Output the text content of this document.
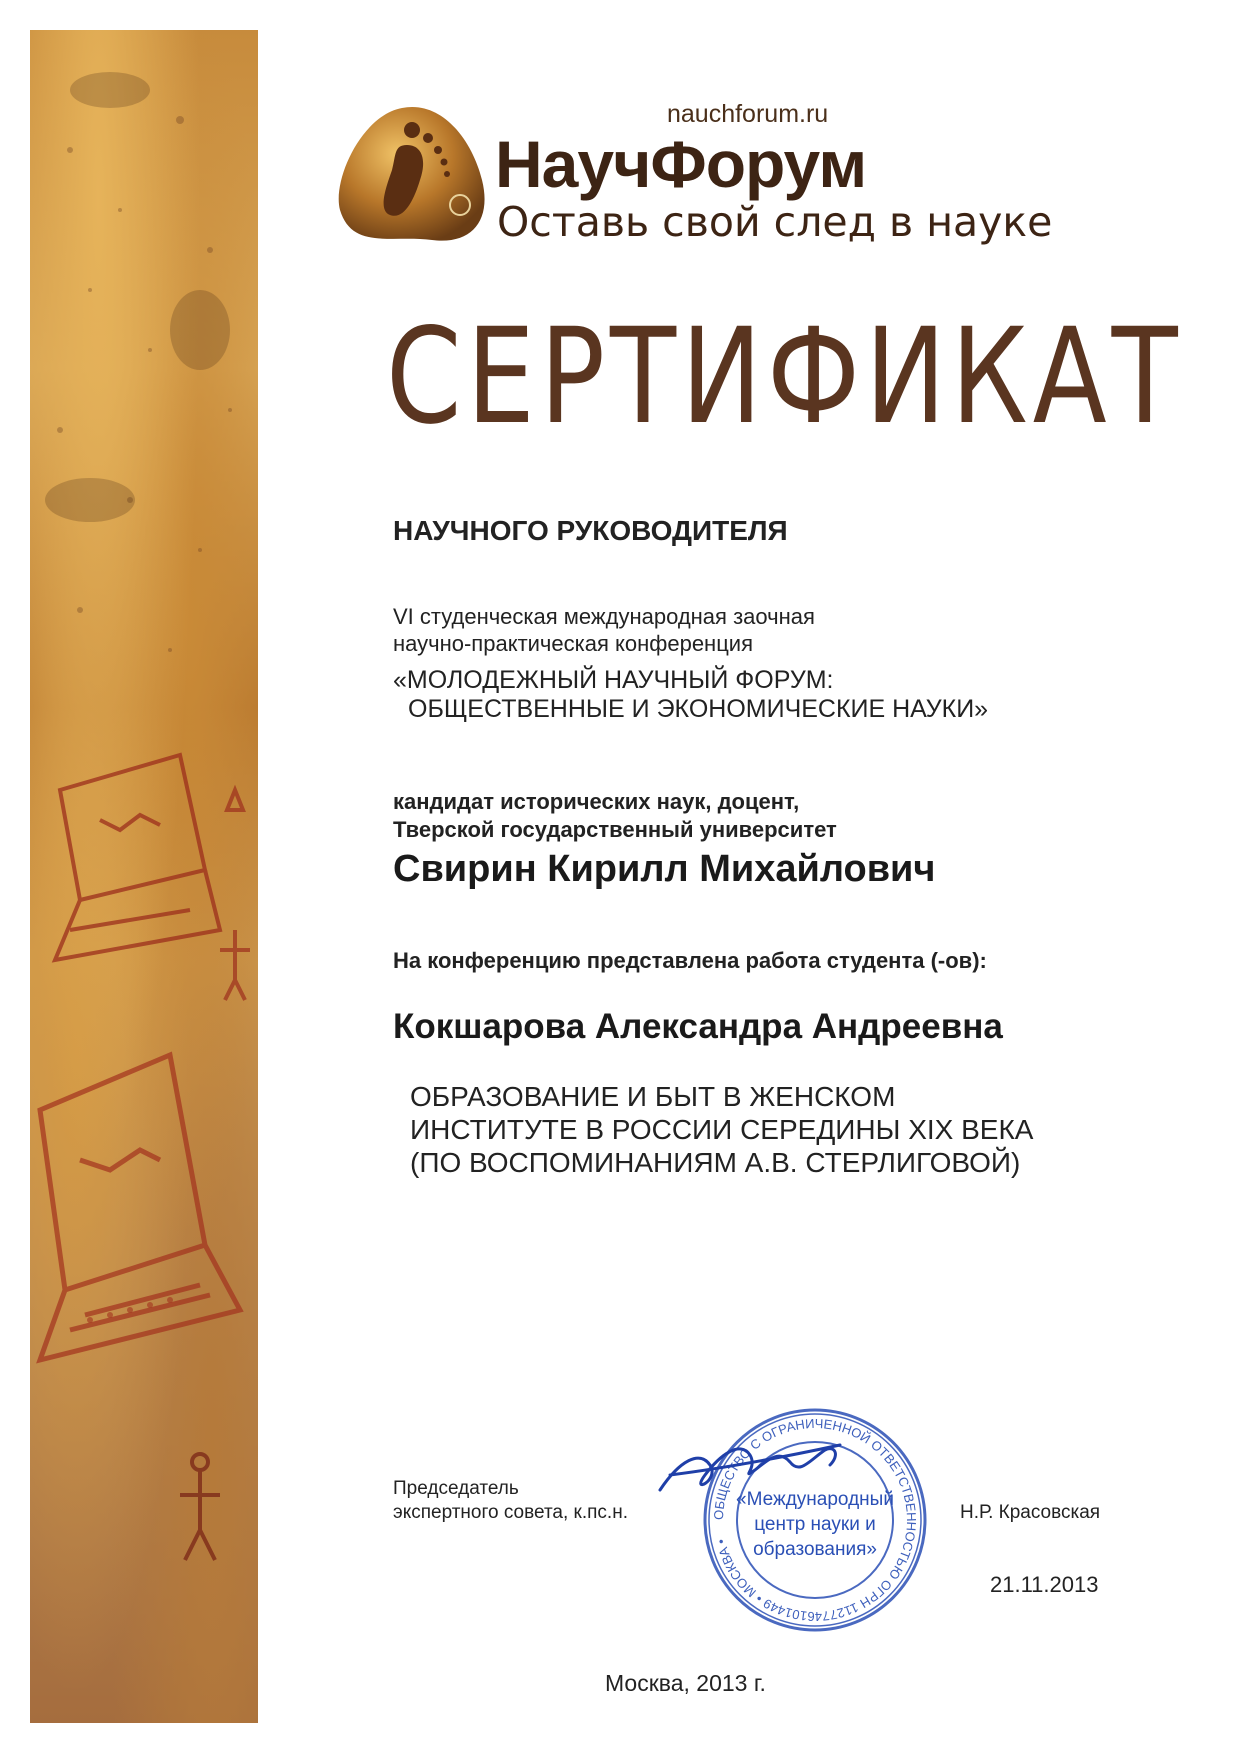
nauchforum.ru
НаучФорум
Оставь свой след в науке
СЕРТИФИКАТ
НАУЧНОГО РУКОВОДИТЕЛЯ
VI студенческая международная заочная
научно-практическая конференция
«МОЛОДЕЖНЫЙ НАУЧНЫЙ ФОРУМ:
ОБЩЕСТВЕННЫЕ И ЭКОНОМИЧЕСКИЕ НАУКИ»
кандидат исторических наук, доцент,
Тверской государственный университет
Свирин Кирилл Михайлович
На конференцию представлена работа студента (-ов):
Кокшарова Александра Андреевна
ОБРАЗОВАНИЕ И БЫТ В ЖЕНСКОМ
ИНСТИТУТЕ В РОССИИ СЕРЕДИНЫ XIX ВЕКА
(ПО ВОСПОМИНАНИЯМ А.В. СТЕРЛИГОВОЙ)
Председатель
экспертного совета, к.пс.н.	Н.Р. Красовская
21.11.2013
Москва, 2013 г.
ОБЩЕСТВО С ОГРАНИЧЕННОЙ ОТВЕТСТВЕННОСТЬЮ ОГРН 1127746101449 • МОСКВА •
«Международный
центр науки и
образования»
